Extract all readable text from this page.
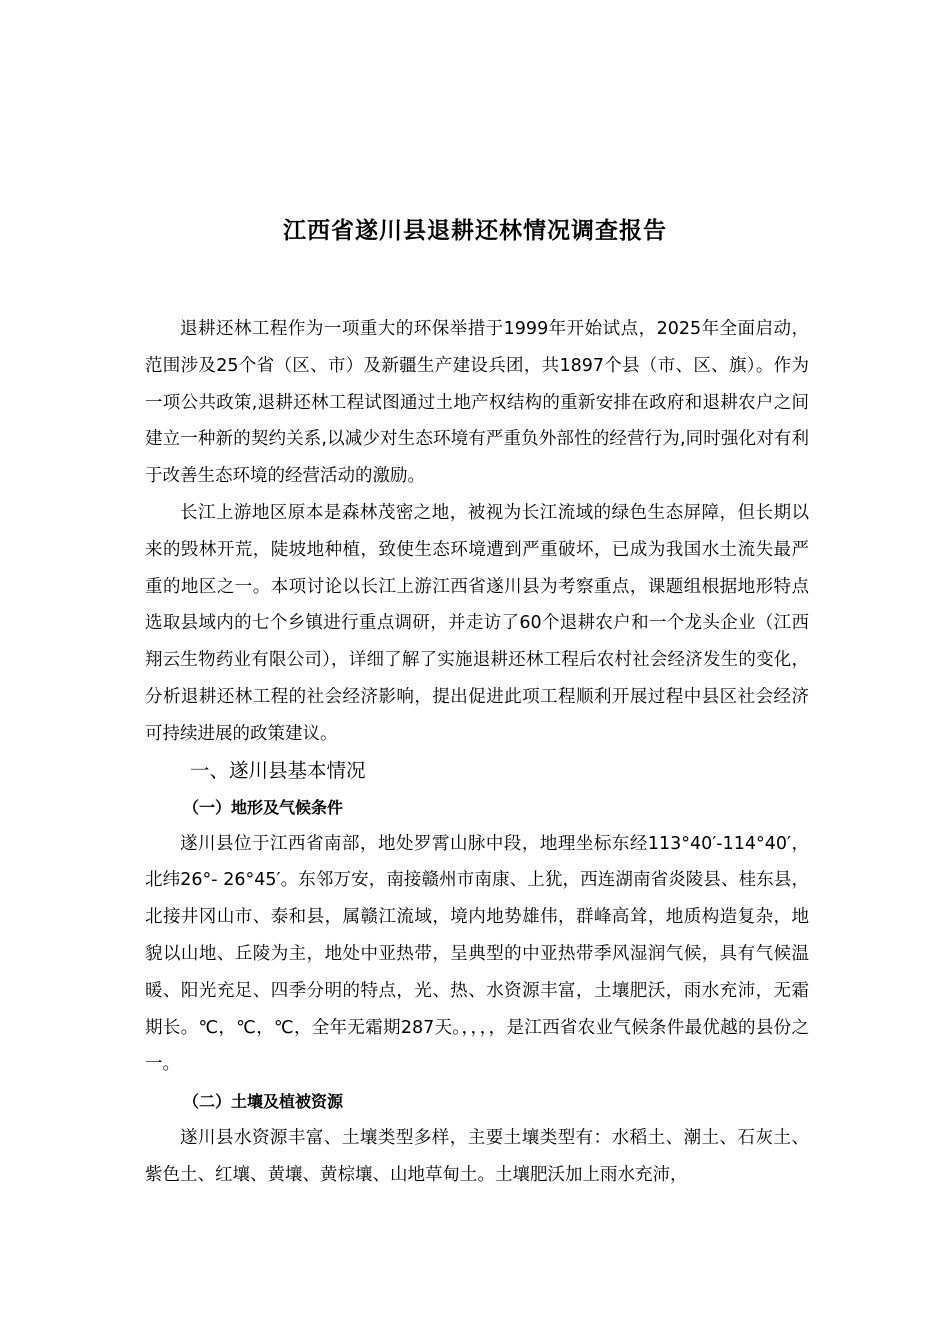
江西省遂川县退耕还林情况调查报告

退耕还林工程作为一项重大的环保举措于1999年开始试点，2025年全面启动，范围涉及25个省（区、市）及新疆生产建设兵团，共1897个县（市、区、旗）。作为一项公共政策,退耕还林工程试图通过土地产权结构的重新安排在政府和退耕农户之间建立一种新的契约关系,以减少对生态环境有严重负外部性的经营行为,同时强化对有利于改善生态环境的经营活动的激励。

长江上游地区原本是森林茂密之地，被视为长江流域的绿色生态屏障，但长期以来的毁林开荒，陡坡地种植，致使生态环境遭到严重破坏，已成为我国水土流失最严重的地区之一。本项讨论以长江上游江西省遂川县为考察重点，课题组根据地形特点选取县域内的七个乡镇进行重点调研，并走访了60个退耕农户和一个龙头企业（江西翔云生物药业有限公司），详细了解了实施退耕还林工程后农村社会经济发生的变化，分析退耕还林工程的社会经济影响，提出促进此项工程顺利开展过程中县区社会经济可持续进展的政策建议。

一、遂川县基本情况

（一）地形及气候条件

遂川县位于江西省南部，地处罗霄山脉中段，地理坐标东经113°40′-114°40′，北纬26°- 26°45′。东邻万安，南接赣州市南康、上犹，西连湖南省炎陵县、桂东县，北接井冈山市、泰和县，属赣江流域，境内地势雄伟，群峰高耸，地质构造复杂，地貌以山地、丘陵为主，地处中亚热带，呈典型的中亚热带季风湿润气候，具有气候温暖、阳光充足、四季分明的特点，光、热、水资源丰富，土壤肥沃，雨水充沛，无霜期长。℃，℃，℃，全年无霜期287天。，，，，是江西省农业气候条件最优越的县份之一。

（二）土壤及植被资源

遂川县水资源丰富、土壤类型多样，主要土壤类型有：水稻土、潮土、石灰土、紫色土、红壤、黄壤、黄棕壤、山地草甸土。土壤肥沃加上雨水充沛，
